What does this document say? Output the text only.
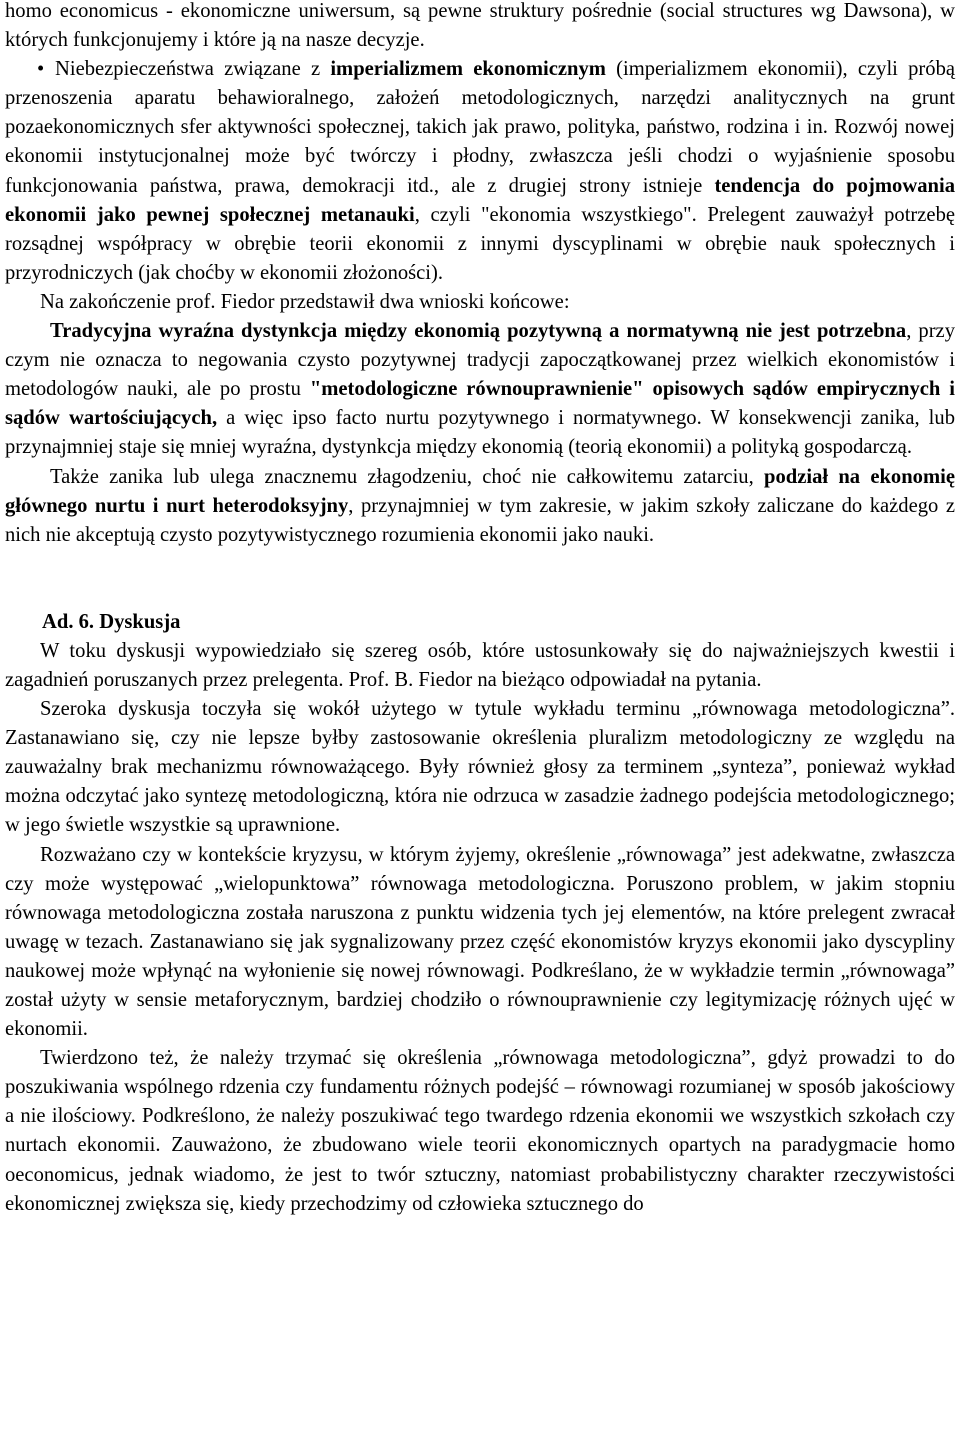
homo economicus - ekonomiczne uniwersum, są pewne struktury pośrednie (social structures wg Dawsona), w których funkcjonujemy i które ją na nasze decyzje.

• Niebezpieczeństwa związane z imperializmem ekonomicznym (imperializmem ekonomii), czyli próbą przenoszenia aparatu behawioralnego, założeń metodologicznych, narzędzi analitycznych na grunt pozaekonomicznych sfer aktywności społecznej, takich jak prawo, polityka, państwo, rodzina i in. Rozwój nowej ekonomii instytucjonalnej może być twórczy i płodny, zwłaszcza jeśli chodzi o wyjaśnienie sposobu funkcjonowania państwa, prawa, demokracji itd., ale z drugiej strony istnieje tendencja do pojmowania ekonomii jako pewnej społecznej metanauki, czyli "ekonomia wszystkiego". Prelegent zauważył potrzebę rozsądnej współpracy w obrębie teorii ekonomii z innymi dyscyplinami w obrębie nauk społecznych i przyrodniczych (jak choćby w ekonomii złożoności).

Na zakończenie prof. Fiedor przedstawił dwa wnioski końcowe:

Tradycyjna wyraźna dystynkcja między ekonomią pozytywną a normatywną nie jest potrzebna, przy czym nie oznacza to negowania czysto pozytywnej tradycji zapoczątkowanej przez wielkich ekonomistów i metodologów nauki, ale po prostu "metodologiczne równouprawnienie" opisowych sądów empirycznych i sądów wartościujących, a więc ipso facto nurtu pozytywnego i normatywnego. W konsekwencji zanika, lub przynajmniej staje się mniej wyraźna, dystynkcja między ekonomią (teorią ekonomii) a polityką gospodarczą.

Także zanika lub ulega znacznemu złagodzeniu, choć nie całkowitemu zatarciu, podział na ekonomię głównego nurtu i nurt heterodoksyjny, przynajmniej w tym zakresie, w jakim szkoły zaliczane do każdego z nich nie akceptują czysto pozytywistycznego rozumienia ekonomii jako nauki.

Ad. 6. Dyskusja

W toku dyskusji wypowiedziało się szereg osób, które ustosunkowały się do najważniejszych kwestii i zagadnień poruszanych przez prelegenta. Prof. B. Fiedor na bieżąco odpowiadał na pytania.

Szeroka dyskusja toczyła się wokół użytego w tytule wykładu terminu „równowaga metodologiczna”. Zastanawiano się, czy nie lepsze byłby zastosowanie określenia pluralizm metodologiczny ze względu na zauważalny brak mechanizmu równoważącego. Były również głosy za terminem „synteza”, ponieważ wykład można odczytać jako syntezę metodologiczną, która nie odrzuca w zasadzie żadnego podejścia metodologicznego; w jego świetle wszystkie są uprawnione.

Rozważano czy w kontekście kryzysu, w którym żyjemy, określenie „równowaga” jest adekwatne, zwłaszcza czy może występować „wielopunktowa” równowaga metodologiczna. Poruszono problem, w jakim stopniu równowaga metodologiczna została naruszona z punktu widzenia tych jej elementów, na które prelegent zwracał uwagę w tezach. Zastanawiano się jak sygnalizowany przez część ekonomistów kryzys ekonomii jako dyscypliny naukowej może wpłynąć na wyłonienie się nowej równowagi. Podkreślano, że w wykładzie termin „równowaga” został użyty w sensie metaforycznym, bardziej chodziło o równouprawnienie czy legitymizację różnych ujęć w ekonomii.

Twierdzono też, że należy trzymać się określenia „równowaga metodologiczna”, gdyż prowadzi to do poszukiwania wspólnego rdzenia czy fundamentu różnych podejść – równowagi rozumianej w sposób jakościowy a nie ilościowy. Podkreślono, że należy poszukiwać tego twardego rdzenia ekonomii we wszystkich szkołach czy nurtach ekonomii. Zauważono, że zbudowano wiele teorii ekonomicznych opartych na paradygmacie homo oeconomicus, jednak wiadomo, że jest to twór sztuczny, natomiast probabilistyczny charakter rzeczywistości ekonomicznej zwiększa się, kiedy przechodzimy od człowieka sztucznego do
